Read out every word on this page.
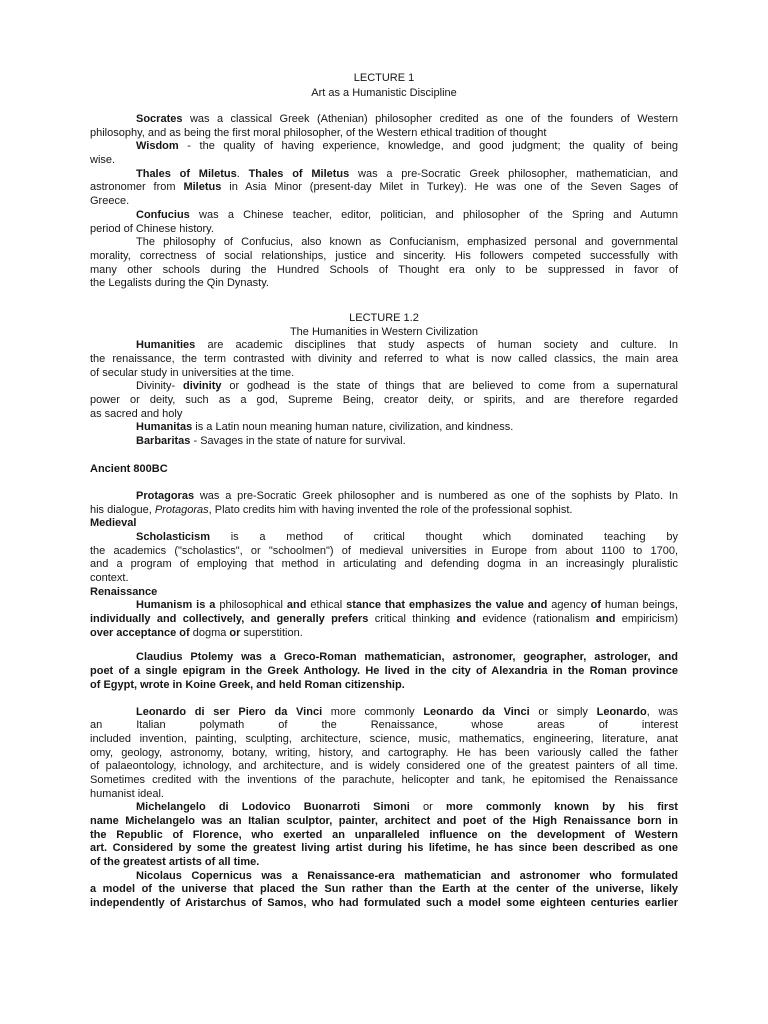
LECTURE 1
Art as a Humanistic Discipline
Socrates was a classical Greek (Athenian) philosopher credited as one of the founders of Western
philosophy, and as being the first moral philosopher, of the Western ethical tradition of thought
Wisdom - the quality of having experience, knowledge, and good judgment; the quality of being
wise.
Thales of Miletus. Thales of Miletus was a pre-Socratic Greek philosopher, mathematician, and
astronomer from Miletus in Asia Minor (present-day Milet in Turkey). He was one of the Seven Sages of
Greece.
Confucius was a Chinese teacher, editor, politician, and philosopher of the Spring and Autumn
period of Chinese history.
The philosophy of Confucius, also known as Confucianism, emphasized personal and governmental
morality, correctness of social relationships, justice and sincerity. His followers competed successfully with
many other schools during the Hundred Schools of Thought era only to be suppressed in favor of
the Legalists during the Qin Dynasty.
LECTURE 1.2
The Humanities in Western Civilization
Humanities are academic disciplines that study aspects of human society and culture. In
the renaissance, the term contrasted with divinity and referred to what is now called classics, the main area
of secular study in universities at the time.
Divinity- divinity or godhead is the state of things that are believed to come from a supernatural
power or deity, such as a god, Supreme Being, creator deity, or spirits, and are therefore regarded
as sacred and holy
Humanitas is a Latin noun meaning human nature, civilization, and kindness.
Barbaritas - Savages in the state of nature for survival.
Ancient 800BC
Protagoras was a pre-Socratic Greek philosopher and is numbered as one of the sophists by Plato. In
his dialogue, Protagoras, Plato credits him with having invented the role of the professional sophist.
Medieval
Scholasticism is a method of critical thought which dominated teaching by
the academics ("scholastics", or "schoolmen") of medieval universities in Europe from about 1100 to 1700,
and a program of employing that method in articulating and defending dogma in an increasingly pluralistic
context.
Renaissance
Humanism is a philosophical and ethical stance that emphasizes the value and agency of human beings,
individually and collectively, and generally prefers critical thinking and evidence (rationalism and empiricism)
over acceptance of dogma or superstition.
Claudius Ptolemy was a Greco-Roman mathematician, astronomer, geographer, astrologer, and
poet of a single epigram in the Greek Anthology. He lived in the city of Alexandria in the Roman province
of Egypt, wrote in Koine Greek, and held Roman citizenship.
Leonardo di ser Piero da Vinci more commonly Leonardo da Vinci or simply Leonardo, was
an Italian polymath of the Renaissance, whose areas of interest
included invention, painting, sculpting, architecture, science, music, mathematics, engineering, literature, anat
omy, geology, astronomy, botany, writing, history, and cartography. He has been variously called the father
of palaeontology, ichnology, and architecture, and is widely considered one of the greatest painters of all time.
Sometimes credited with the inventions of the parachute, helicopter and tank, he epitomised the Renaissance
humanist ideal.
Michelangelo di Lodovico Buonarroti Simoni or more commonly known by his first
name Michelangelo was an Italian sculptor, painter, architect and poet of the High Renaissance born in
the Republic of Florence, who exerted an unparalleled influence on the development of Western
art. Considered by some the greatest living artist during his lifetime, he has since been described as one
of the greatest artists of all time.
Nicolaus Copernicus was a Renaissance-era mathematician and astronomer who formulated
a model of the universe that placed the Sun rather than the Earth at the center of the universe, likely
independently of Aristarchus of Samos, who had formulated such a model some eighteen centuries earlier
